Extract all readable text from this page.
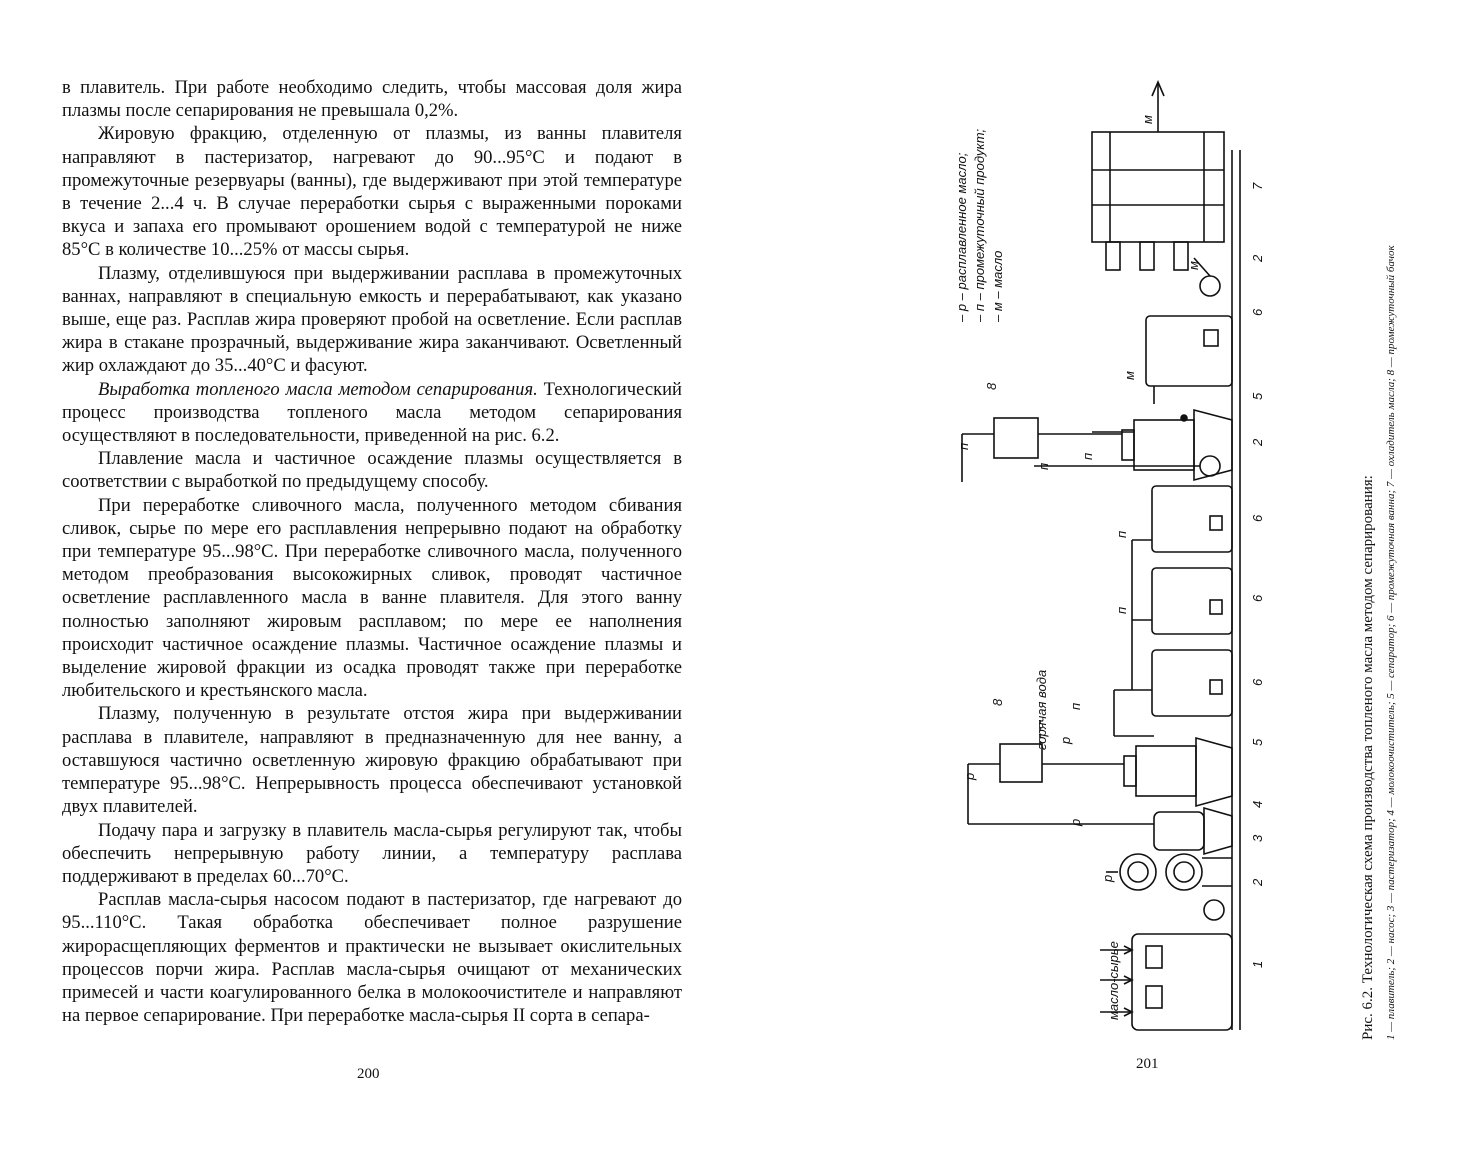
в плавитель. При работе необходимо следить, чтобы массовая доля жира плазмы после сепарирования не превышала 0,2%.

Жировую фракцию, отделенную от плазмы, из ванны плавителя направляют в пастеризатор, нагревают до 90...95°С и подают в промежуточные резервуары (ванны), где выдерживают при этой температуре в течение 2...4 ч. В случае переработки сырья с выраженными пороками вкуса и запаха его промывают орошением водой с температурой не ниже 85°С в количестве 10...25% от массы сырья.

Плазму, отделившуюся при выдерживании расплава в промежуточных ваннах, направляют в специальную емкость и перерабатывают, как указано выше, еще раз. Расплав жира проверяют пробой на осветление. Если расплав жира в стакане прозрачный, выдерживание жира заканчивают. Осветленный жир охлаждают до 35...40°С и фасуют.

Выработка топленого масла методом сепарирования. Технологический процесс производства топленого масла методом сепарирования осуществляют в последовательности, приведенной на рис. 6.2.

Плавление масла и частичное осаждение плазмы осуществляется в соответствии с выработкой по предыдущему способу.

При переработке сливочного масла, полученного методом сбивания сливок, сырье по мере его расплавления непрерывно подают на обработку при температуре 95...98°С. При переработке сливочного масла, полученного методом преобразования высокожирных сливок, проводят частичное осветление расплавленного масла в ванне плавителя. Для этого ванну полностью заполняют жировым расплавом; по мере ее наполнения происходит частичное осаждение плазмы. Частичное осаждение плазмы и выделение жировой фракции из осадка проводят также при переработке любительского и крестьянского масла.

Плазму, полученную в результате отстоя жира при выдерживании расплава в плавителе, направляют в предназначенную для нее ванну, а оставшуюся частично осветленную жировую фракцию обрабатывают при температуре 95...98°С. Непрерывность процесса обеспечивают установкой двух плавителей.

Подачу пара и загрузку в плавитель масла-сырья регулируют так, чтобы обеспечить непрерывную работу линии, а температуру расплава поддерживают в пределах 60...70°С.

Расплав масла-сырья насосом подают в пастеризатор, где нагревают до 95...110°С. Такая обработка обеспечивает полное разрушение жирорасщепляющих ферментов и практически не вызывает окислительных процессов порчи жира. Расплав масла-сырья очищают от механических примесей и части коагулированного белка в молокоочистителе и направляют на первое сепарирование. При переработке масла-сырья II сорта в сепара-

200
1
2
3
4
5
6
6
6
2
5
6
2
7
8
8
масло-сырье
горячая вода
р
р
р
р
п
п
п
п
п
п
м
м
м
– р – расплавленное масло; – п – промежуточный продукт; – м – масло
Рис. 6.2. Технологическая схема производства топленого масла методом сепарирования: 1 — плавитель; 2 — насос; 3 — пастеризатор; 4 — молокоочиститель; 5 — сепаратор; 6 — промежуточная ванна; 7 — охладитель масла; 8 — промежуточный бачок
201
